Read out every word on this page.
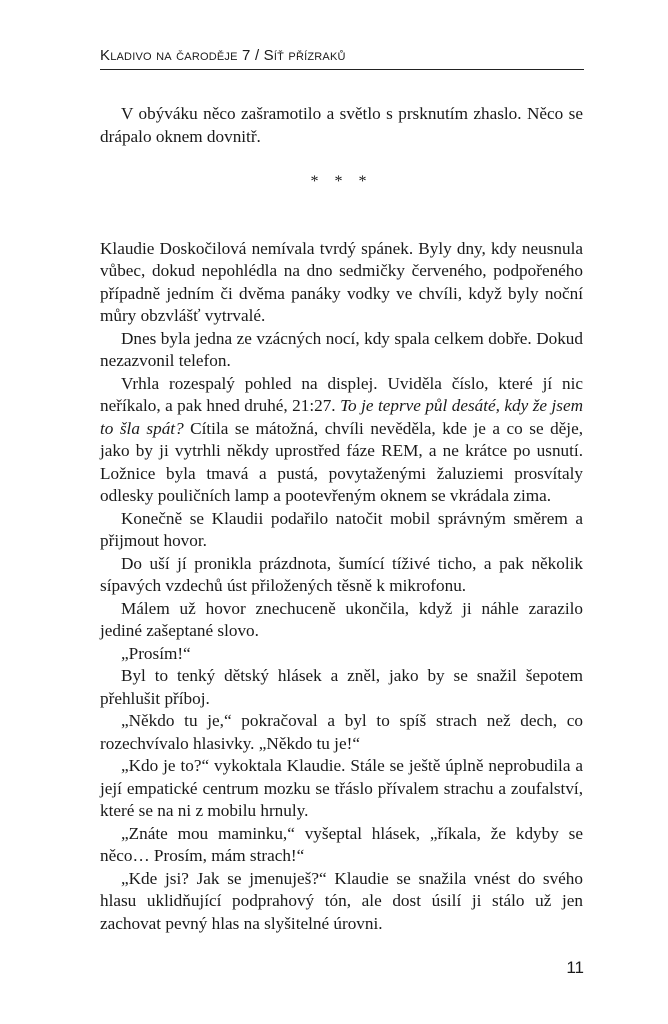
Kladivo na čaroděje 7 / Síť přízraků

V obýváku něco zašramotilo a světlo s prsknutím zhaslo. Něco se drápalo oknem dovnitř.

* * *

Klaudie Doskočilová nemívala tvrdý spánek. Byly dny, kdy neusnula vůbec, dokud nepohlédla na dno sedmičky červeného, podpořeného případně jedním či dvěma panáky vodky ve chvíli, když byly noční můry obzvlášť vytrvalé.

Dnes byla jedna ze vzácných nocí, kdy spala celkem dobře. Dokud nezazvonil telefon.

Vrhla rozespalý pohled na displej. Uviděla číslo, které jí nic neříkalo, a pak hned druhé, 21:27. To je teprve půl desáté, kdy že jsem to šla spát? Cítila se mátožná, chvíli nevěděla, kde je a co se děje, jako by ji vytrhli někdy uprostřed fáze REM, a ne krátce po usnutí. Ložnice byla tmavá a pustá, povytaženými žaluziemi prosvítaly odlesky pouličních lamp a pootevřeným oknem se vkrádala zima.

Konečně se Klaudii podařilo natočit mobil správným směrem a přijmout hovor.

Do uší jí pronikla prázdnota, šumící tíživé ticho, a pak několik sípavých vzdechů úst přiložených těsně k mikrofonu.

Málem už hovor znechuceně ukončila, když ji náhle zarazilo jediné zašeptané slovo.

„Prosím!“

Byl to tenký dětský hlásek a zněl, jako by se snažil šepotem přehlušit příboj.

„Někdo tu je,“ pokračoval a byl to spíš strach než dech, co rozechvívalo hlasivky. „Někdo tu je!“

„Kdo je to?“ vykoktala Klaudie. Stále se ještě úplně neprobudila a její empatické centrum mozku se třáslo přívalem strachu a zoufalství, které se na ni z mobilu hrnuly.

„Znáte mou maminku,“ vyšeptal hlásek, „říkala, že kdyby se něco… Prosím, mám strach!“

„Kde jsi? Jak se jmenuješ?“ Klaudie se snažila vnést do svého hlasu uklidňující podprahový tón, ale dost úsilí ji stálo už jen zachovat pevný hlas na slyšitelné úrovni.

11
